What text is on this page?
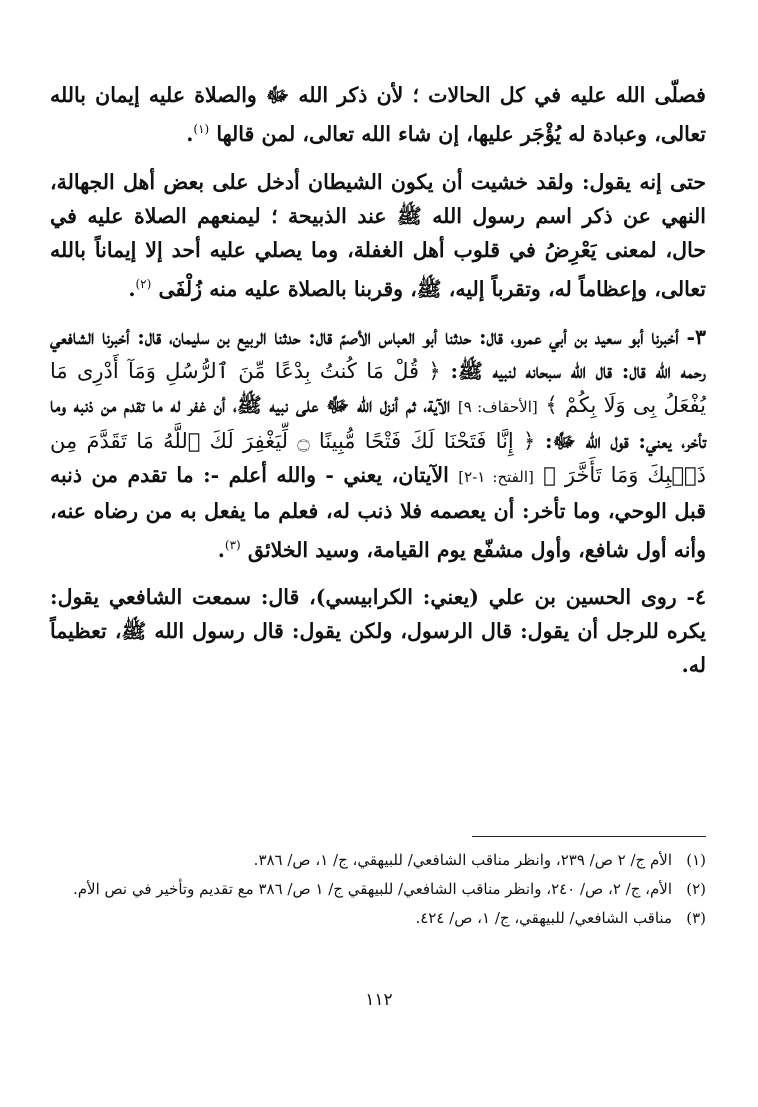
فصلّى الله عليه في كل الحالات ؛ لأن ذكر الله ﷻ والصلاة عليه إيمان بالله تعالى، وعبادة له يُؤْجَر عليها، إن شاء الله تعالى، لمن قالها $^{(١)}$.

حتى إنه يقول: ولقد خشيت أن يكون الشيطان أدخل على بعض أهل الجهالة، النهي عن ذكر اسم رسول الله ﷺ عند الذبيحة ؛ ليمنعهم الصلاة عليه في حال، لمعنى يَعْرِضُ في قلوب أهل الغفلة، وما يصلي عليه أحد إلا إيماناً بالله تعالى، وإعظاماً له، وتقرباً إليه، ﷺ، وقربنا بالصلاة عليه منه زُلْفَى $^{(٢)}$.

٣- أخبرنا أبو سعيد بن أبي عمرو، قال: حدثنا أبو العباس الأصمّ قال: حدثنا الربيع بن سليمان، قال: أخبرنا الشافعي رحمه الله قال: قال الله سبحانه لنبيه ﷺ: ﴿ قُلْ مَا كُنتُ بِدْعًا مِّنَ ٱلرُّسُلِ وَمَآ أَدْرِى مَا يُفْعَلُ بِى وَلَا بِكُمْ ﴾ [الأحقاف: ٩] الآية، ثم أنزل الله ﷻ على نبيه ﷺ، أن غفر له ما تقدم من ذنبه وما تأخر، يعني: قول الله ﷻ: ﴿ إِنَّا فَتَحْنَا لَكَ فَتْحًا مُّبِينًا ۝ لِّيَغْفِرَ لَكَ ٱللَّهُ مَا تَقَدَّمَ مِن ذَنۢبِكَ وَمَا تَأَخَّرَ ﴾ [الفتح: ١-٢] الآيتان، يعني - والله أعلم -: ما تقدم من ذنبه قبل الوحي، وما تأخر: أن يعصمه فلا ذنب له، فعلم ما يفعل به من رضاه عنه، وأنه أول شافع، وأول مشفّع يوم القيامة، وسيد الخلائق $^{(٣)}$.

٤- روى الحسين بن علي (يعني: الكرابيسي)، قال: سمعت الشافعي يقول: يكره للرجل أن يقول: قال الرسول، ولكن يقول: قال رسول الله ﷺ، تعظيماً له.

(١)
الأم ج/ ٢ ص/ ٢٣٩، وانظر مناقب الشافعي/ للبيهقي، ج/ ١، ص/ ٣٨٦.
(٢)
الأم، ج/ ٢، ص/ ٢٤٠، وانظر مناقب الشافعي/ للبيهقي ج/ ١ ص/ ٣٨٦ مع تقديم وتأخير في نص الأم.
(٣)
مناقب الشافعي/ للبيهقي، ج/ ١، ص/ ٤٢٤.
١١٢
